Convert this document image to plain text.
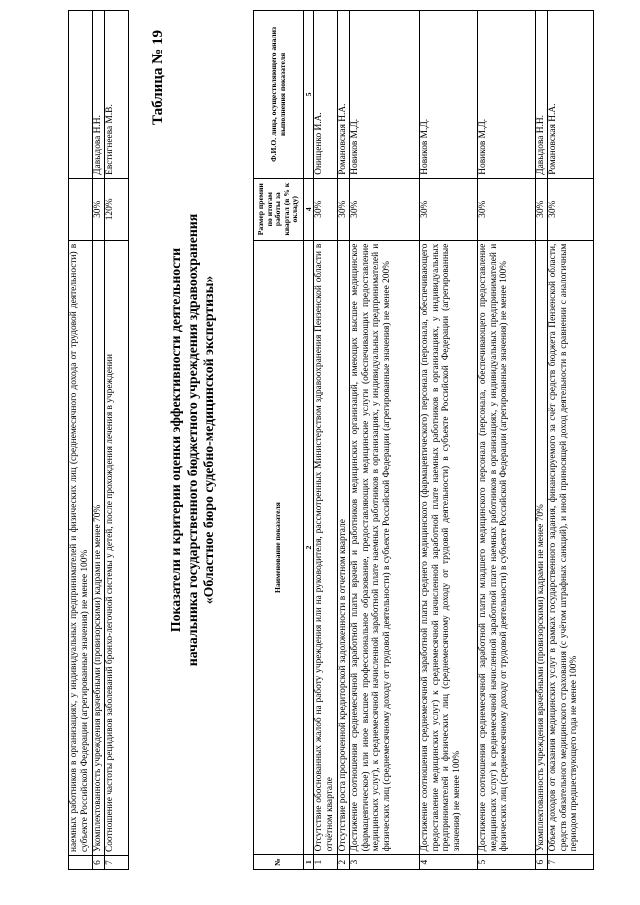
	наемных работников в организациях, у индивидуальных предпринимателей и физических лиц (среднемесячного дохода от трудовой деятельности) в субъекте Российской Федерации (агрегированные значения) не менее 100%		
6	Укомплектованность учреждения врачебными (провизорскими) кадрами не менее 70%	30%	Давыдова Н.Н.
7	Соотношение частоты рецидивов заболеваний бронхо-легочной системы у детей, после прохождения лечения в учреждении	120%	Евстигнеева М.В.
Таблица № 19
Показатели и критерии оценки эффективности деятельности начальника государственного бюджетного учреждения здравоохранения «Областное бюро судебно-медицинской экспертизы»
№	Наименование показателя	Размер премии по итогам работы за квартал (в % к окладу)	Ф.И.О. лица, осуществляющего анализ выполнения показателя
1	2	4	5
1	Отсутствие обоснованных жалоб на работу учреждения или на руководителя, рассмотренных Министерством здравоохранения Пензенской области в отчётном квартале	30%	Онищенко И.А.
2	Отсутствие роста просроченной кредиторской задолженности в отчетном квартале	30%	Романовская Н.А.
3	Достижение соотношения среднемесячной заработной платы врачей и работников медицинских организаций, имеющих высшее медицинское (фармацевтическое) или иное высшее профессиональное образование, предоставляющих медицинские услуги (обеспечивающих предоставление медицинских услуг), к среднемесячной начисленной заработной плате наемных работников в организациях, у индивидуальных предпринимателей и физических лиц (среднемесячному доходу от трудовой деятельности) в субъекте Российской Федерации (агрегированные значения) не менее 200%	30%	Новиков М.Д.
4	Достижение соотношения среднемесячной заработной платы среднего медицинского (фармацевтического) персонала (персонала, обеспечивающего предоставление медицинских услуг) к среднемесячной начисленной заработной плате наемных работников в организациях, у индивидуальных предпринимателей и физических лиц (среднемесячному доходу от трудовой деятельности) в субъекте Российской Федерации (агрегированные значения) не менее 100%	30%	Новиков М.Д.
5	Достижение соотношения среднемесячной заработной платы младшего медицинского персонала (персонала, обеспечивающего предоставление медицинских услуг) к среднемесячной начисленной заработной плате наемных работников в организациях, у индивидуальных предпринимателей и физических лиц (среднемесячному доходу от трудовой деятельности) в субъекте Российской Федерации (агрегированные значения) не менее 100%	30%	Новиков М.Д.
6	Укомплектованность учреждения врачебными (провизорскими) кадрами не менее 70%	30%	Давыдова Н.Н.
7	Объем доходов от оказания медицинских услуг в рамках государственного задания, финансируемого за счёт средств бюджета Пензенской области, средств обязательного медицинского страхования (с учётом штрафных санкций), и иной приносящей доход деятельности в сравнении с аналогичным периодом предшествующего года не менее 100%	30%	Романовская Н.А.
